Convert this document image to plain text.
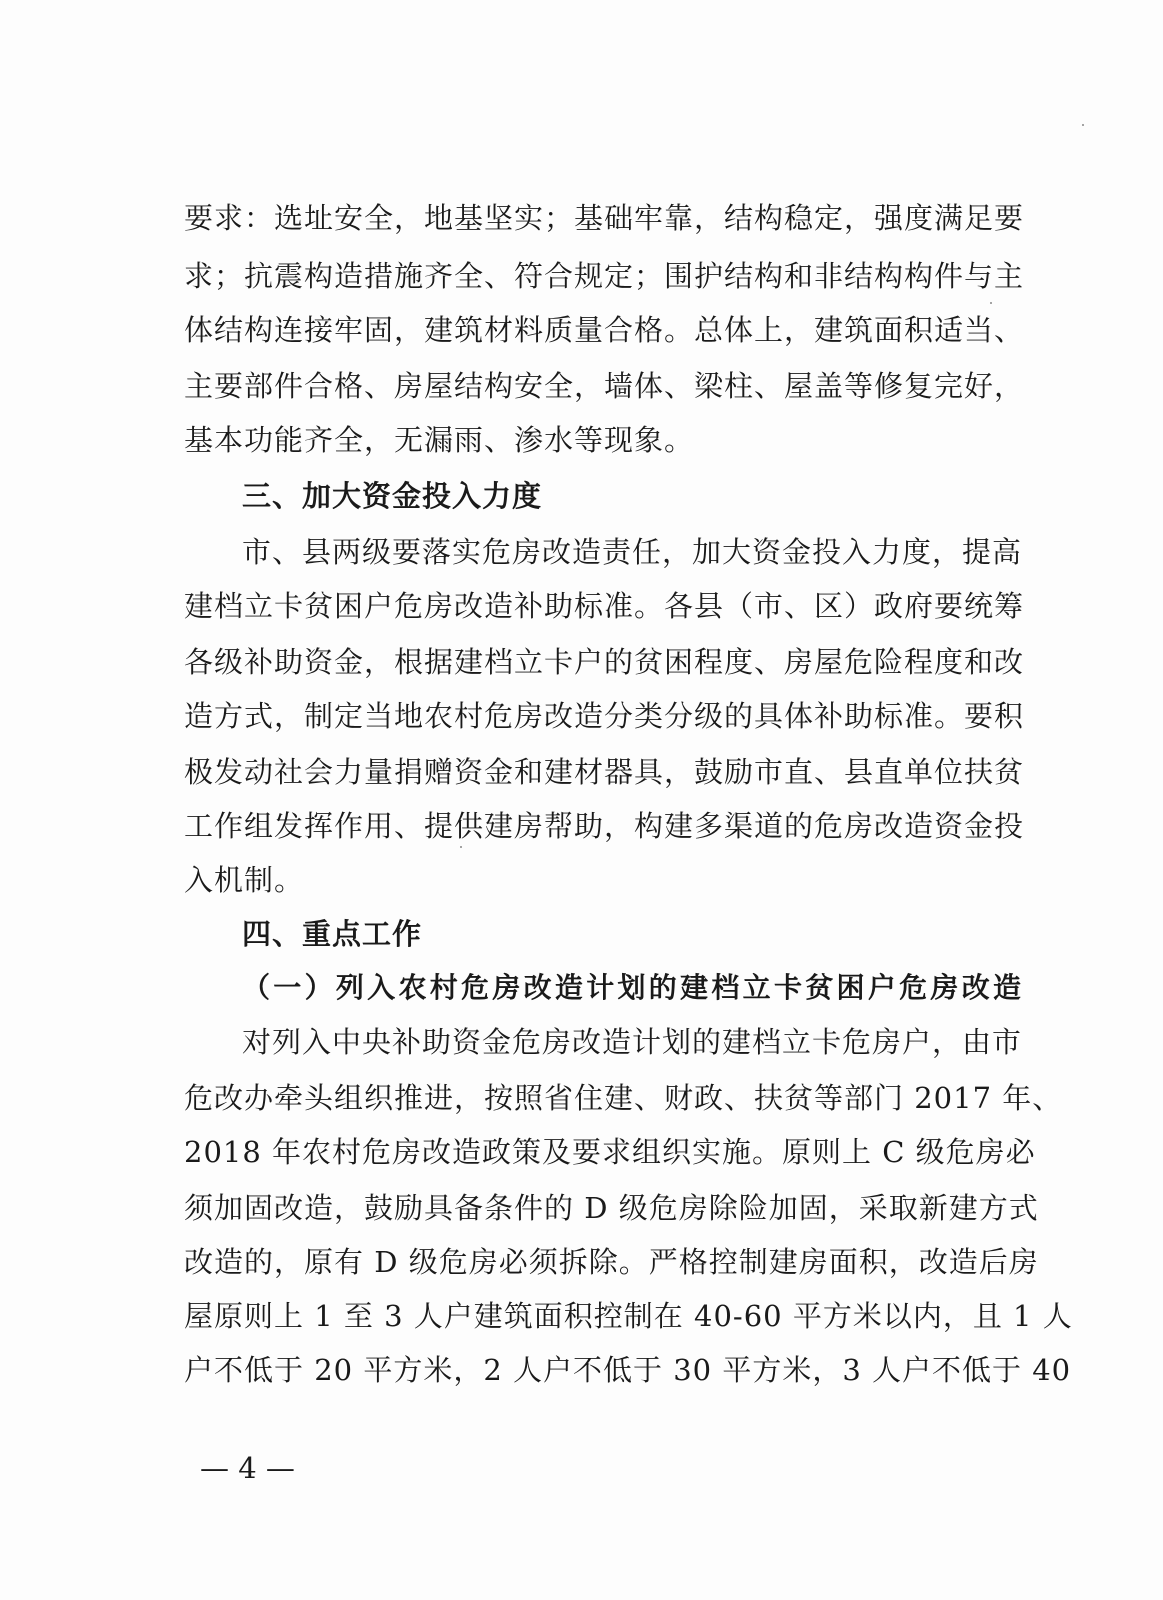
要求：选址安全，地基坚实；基础牢靠，结构稳定，强度满足要
求；抗震构造措施齐全、符合规定；围护结构和非结构构件与主
体结构连接牢固，建筑材料质量合格。总体上，建筑面积适当、
主要部件合格、房屋结构安全，墙体、梁柱、屋盖等修复完好，
基本功能齐全，无漏雨、渗水等现象。
三、加大资金投入力度
市、县两级要落实危房改造责任，加大资金投入力度，提高
建档立卡贫困户危房改造补助标准。各县（市、区）政府要统筹
各级补助资金，根据建档立卡户的贫困程度、房屋危险程度和改
造方式，制定当地农村危房改造分类分级的具体补助标准。要积
极发动社会力量捐赠资金和建材器具，鼓励市直、县直单位扶贫
工作组发挥作用、提供建房帮助，构建多渠道的危房改造资金投
入机制。
四、重点工作
（一）列入农村危房改造计划的建档立卡贫困户危房改造
对列入中央补助资金危房改造计划的建档立卡危房户，由市
危改办牵头组织推进，按照省住建、财政、扶贫等部门 2017 年、
2018 年农村危房改造政策及要求组织实施。原则上 C 级危房必
须加固改造，鼓励具备条件的 D 级危房除险加固，采取新建方式
改造的，原有 D 级危房必须拆除。严格控制建房面积，改造后房
屋原则上 1 至 3 人户建筑面积控制在 40-60 平方米以内，且 1 人
户不低于 20 平方米，2 人户不低于 30 平方米，3 人户不低于 40
— 4 —
